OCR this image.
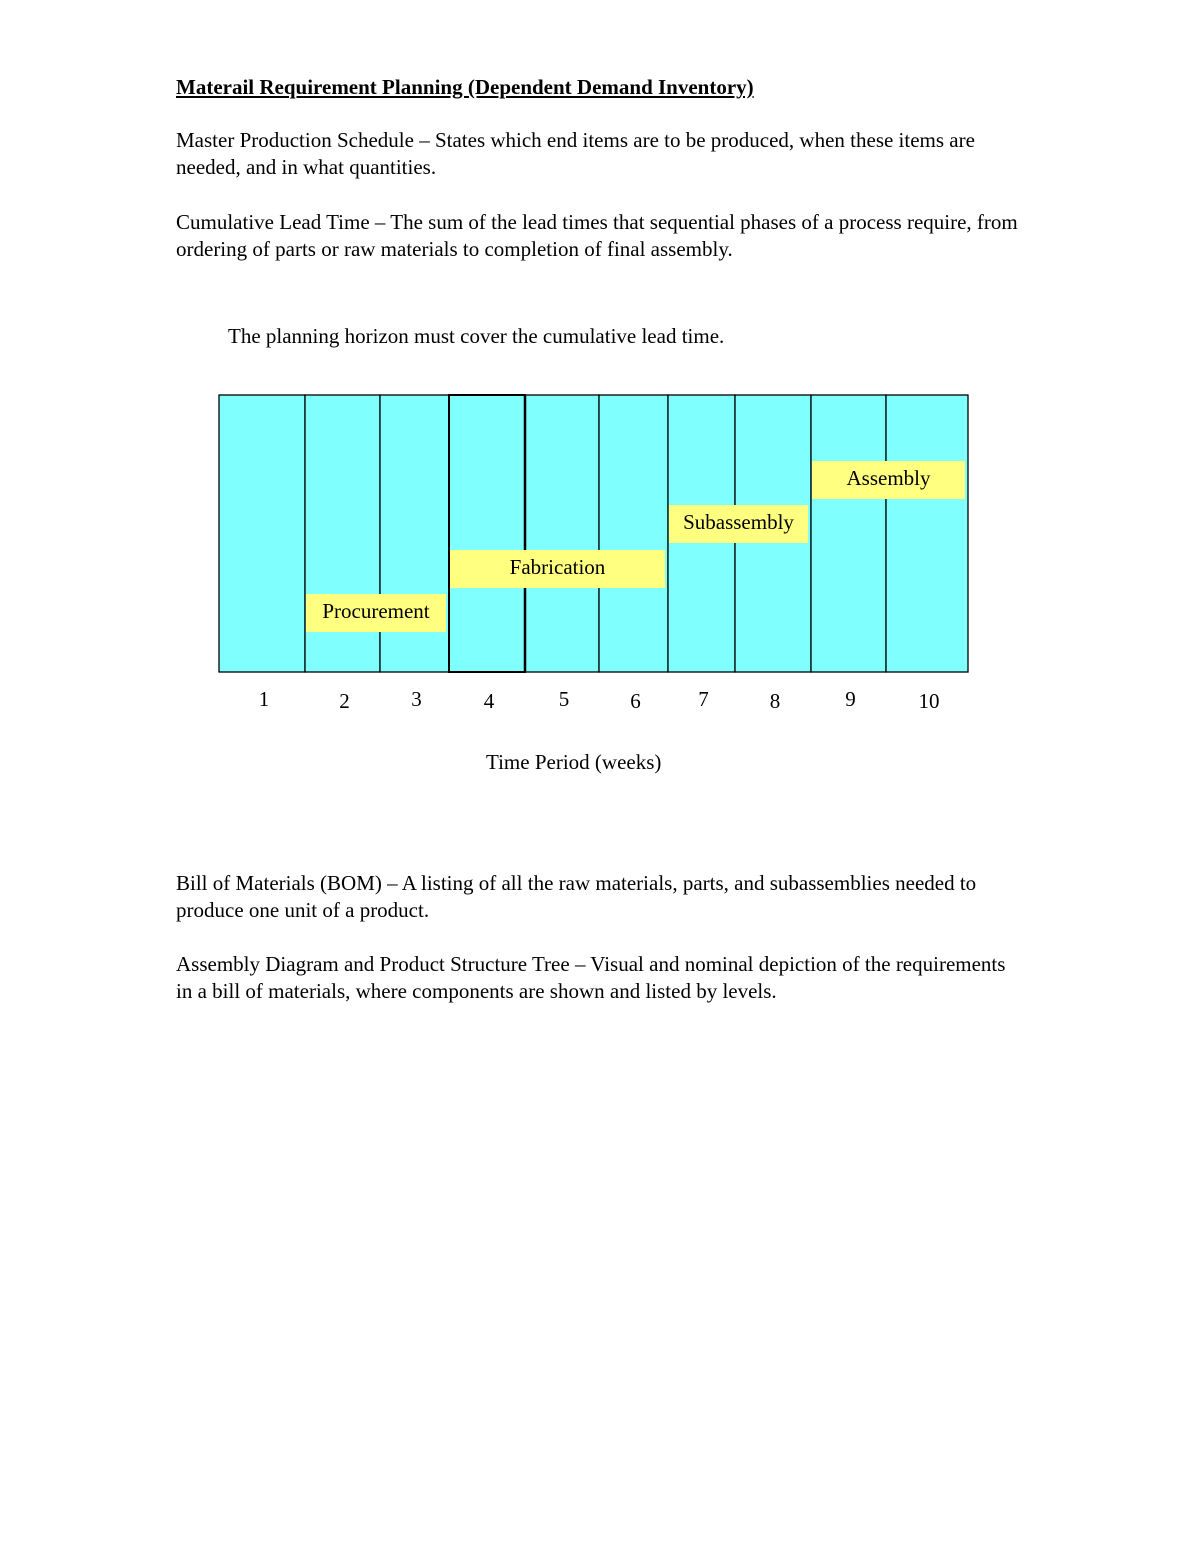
Materail Requirement Planning (Dependent Demand Inventory)

Master Production Schedule – States which end items are to be produced, when these items are needed, and in what quantities.

Cumulative Lead Time – The sum of the lead times that sequential phases of a process require, from ordering of parts or raw materials to completion of final assembly.

The planning horizon must cover the cumulative lead time.
Procurement
Fabrication
Subassembly
Assembly
1	2	3	4	5	6	7	8	9	10
Time Period (weeks)

Bill of Materials (BOM) – A listing of all the raw materials, parts, and subassemblies needed to produce one unit of a product.

Assembly Diagram and Product Structure Tree – Visual and nominal depiction of the requirements in a bill of materials, where components are shown and listed by levels.
